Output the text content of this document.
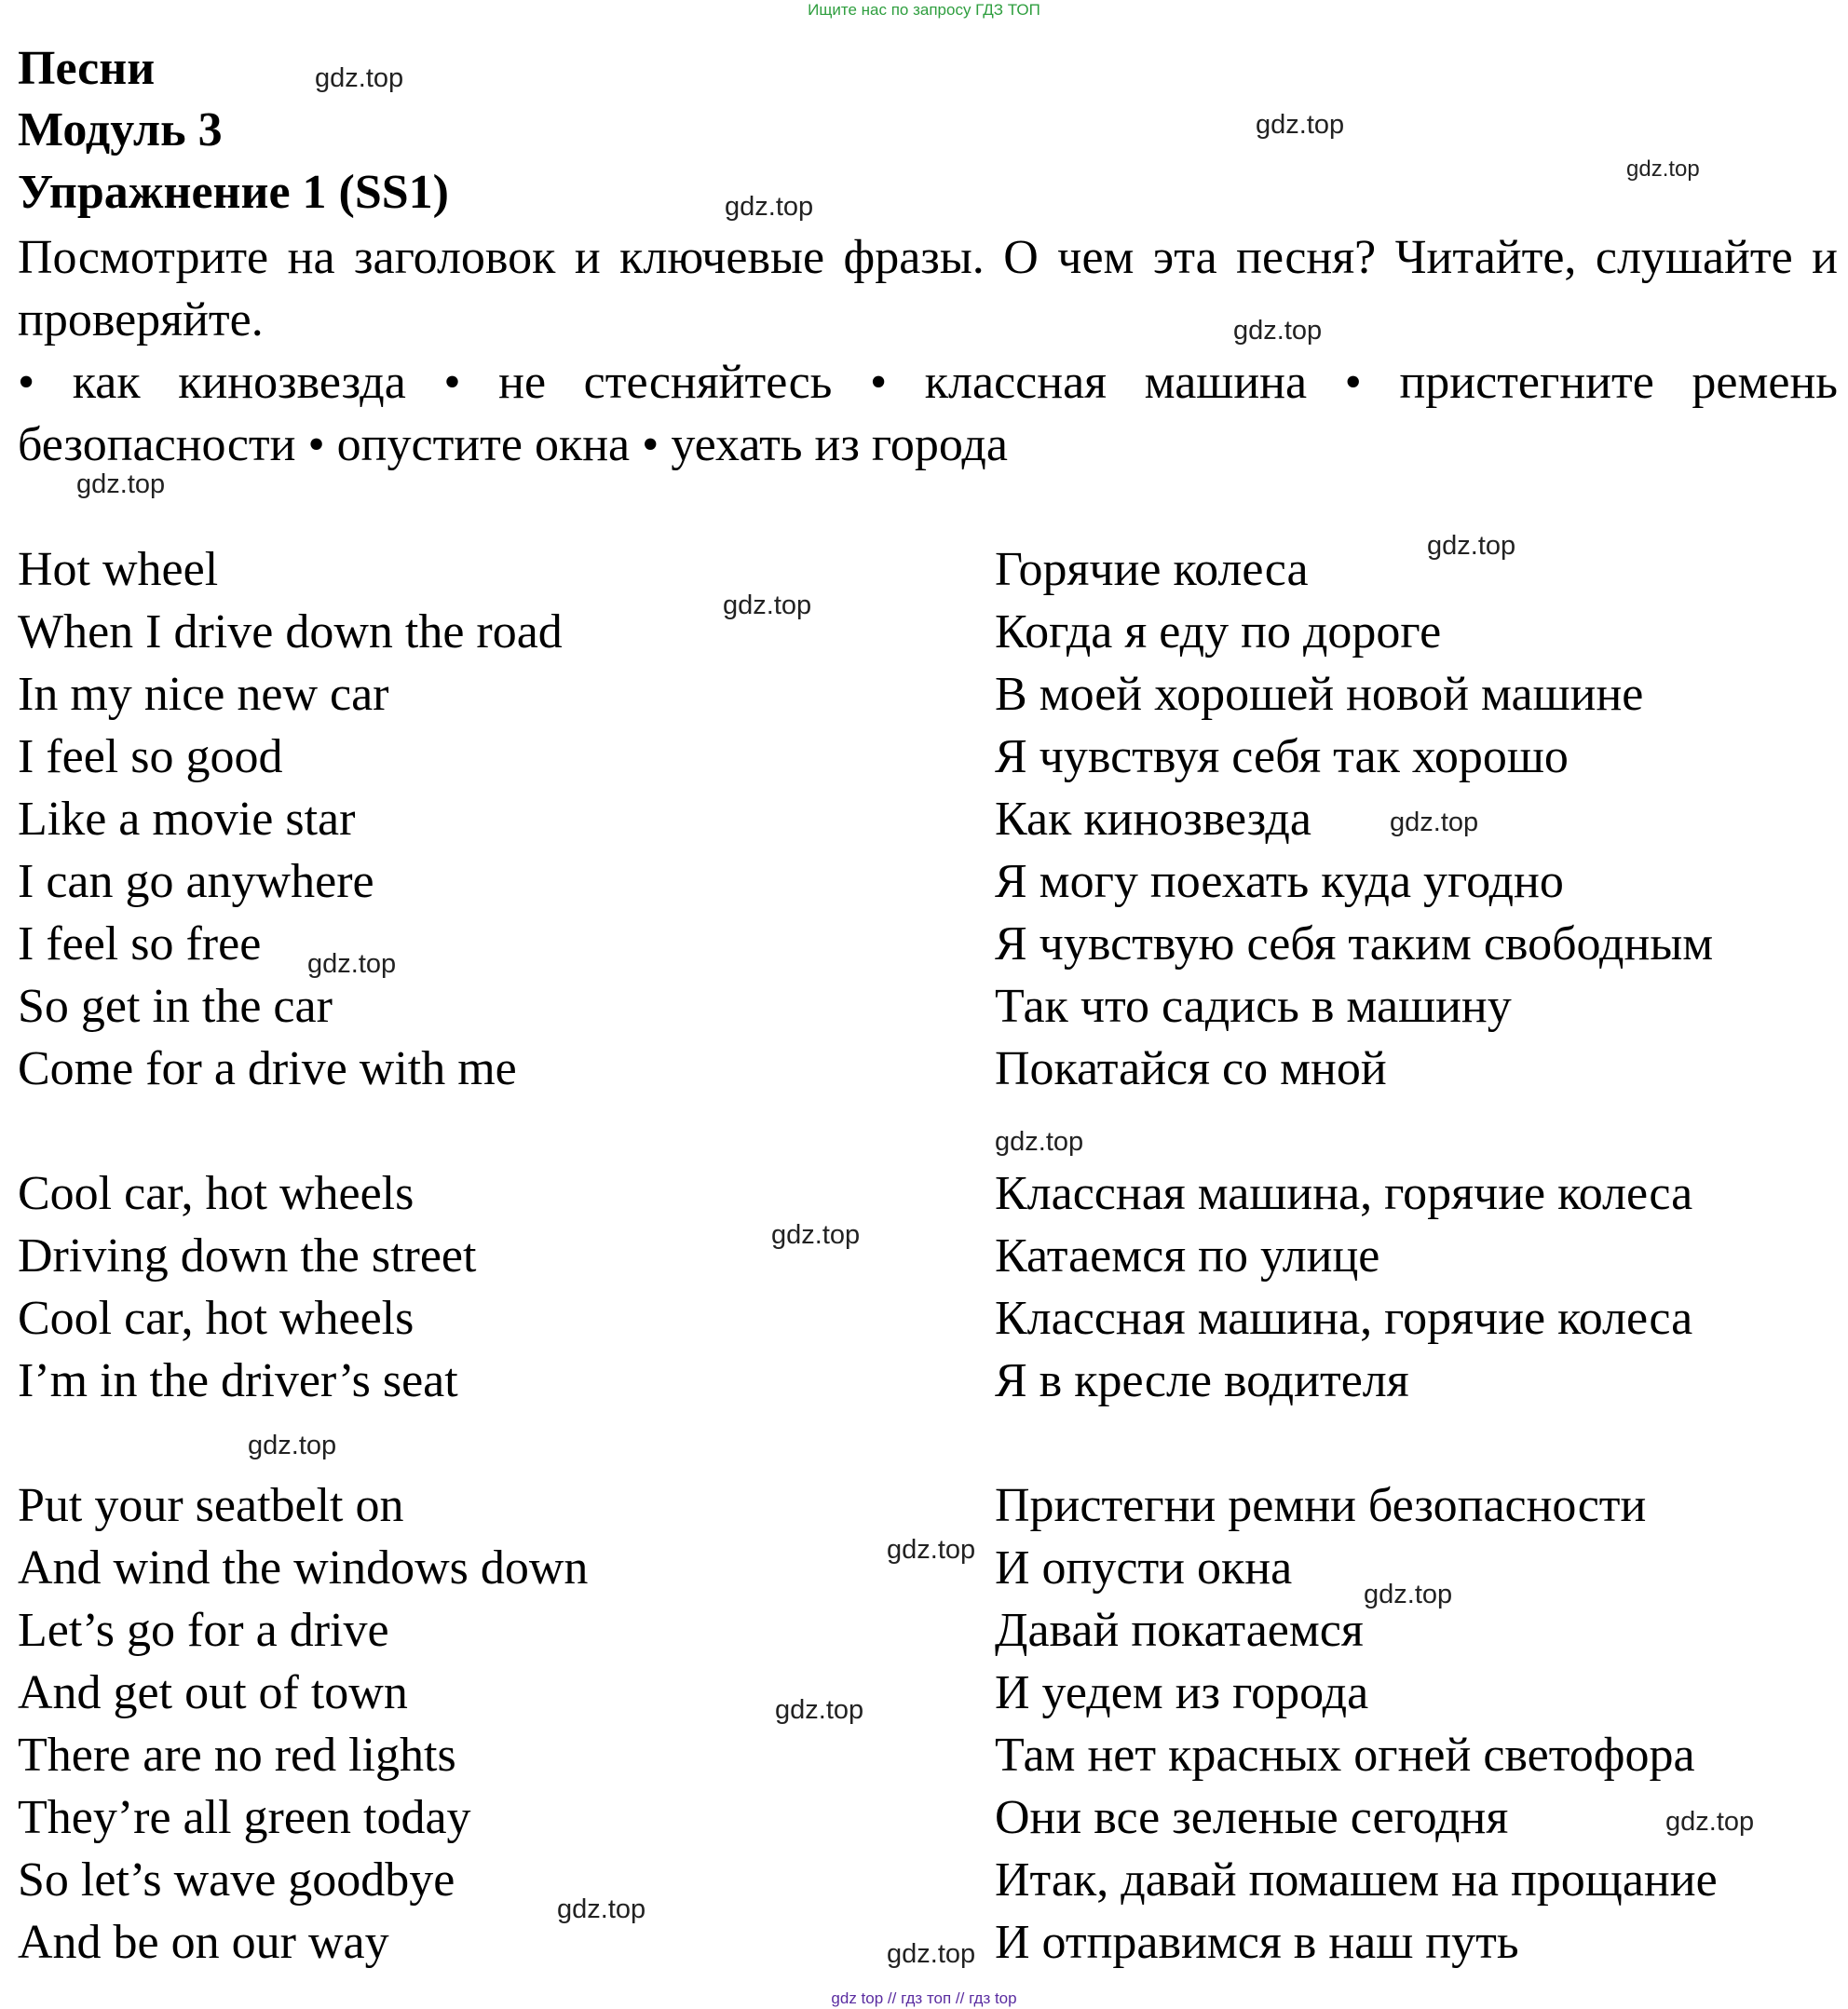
Ищите нас по запросу ГДЗ ТОП
Песни
Модуль 3
Упражнение 1 (SS1)

Посмотрите на заголовок и ключевые фразы. О чем эта песня? Читайте, слушайте и проверяйте.

• как кинозвезда • не стесняйтесь • классная машина • пристегните ремень безопасности • опустите окна • уехать из города

Hot wheel
When I drive down the road
In my nice new car
I feel so good
Like a movie star
I can go anywhere
I feel so free
So get in the car
Come for a drive with me
Cool car, hot wheels
Driving down the street
Cool car, hot wheels
I’m in the driver’s seat
Put your seatbelt on
And wind the windows down
Let’s go for a drive
And get out of town
There are no red lights
They’re all green today
So let’s wave goodbye
And be on our way
Горячие колеса
Когда я еду по дороге
В моей хорошей новой машине
Я чувствуя себя так хорошо
Как кинозвезда
Я могу поехать куда угодно
Я чувствую себя таким свободным
Так что садись в машину
Покатайся со мной
Классная машина, горячие колеса
Катаемся по улице
Классная машина, горячие колеса
Я в кресле водителя
Пристегни ремни безопасности
И опусти окна
Давай покатаемся
И уедем из города
Там нет красных огней светофора
Они все зеленые сегодня
Итак, давай помашем на прощание
И отправимся в наш путь
gdz.top
gdz.top
gdz.top
gdz.top
gdz.top
gdz.top
gdz.top
gdz.top
gdz.top
gdz.top
gdz.top
gdz.top
gdz.top
gdz.top
gdz.top
gdz.top
gdz.top
gdz.top
gdz.top
gdz top // гдз топ // гдз top
